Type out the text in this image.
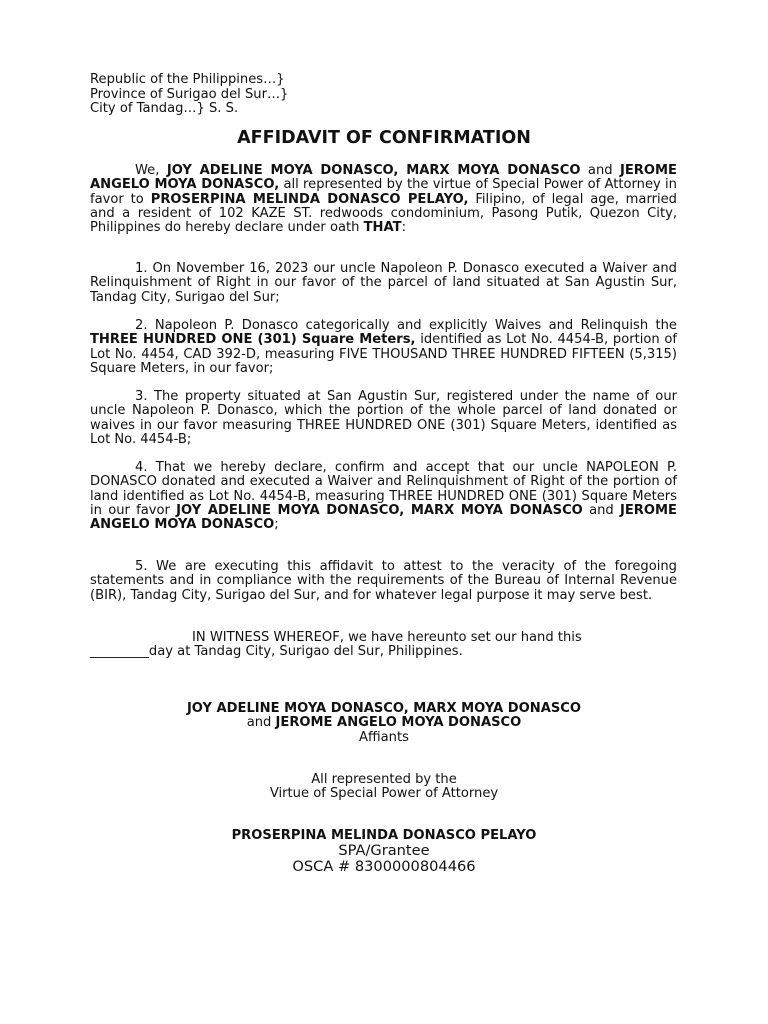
Republic of the Philippines…}
Province of Surigao del Sur…}
City of Tandag…} S. S.
AFFIDAVIT OF CONFIRMATION

We, JOY ADELINE MOYA DONASCO, MARX MOYA DONASCO and JEROME ANGELO MOYA DONASCO, all represented by the virtue of Special Power of Attorney in favor to PROSERPINA MELINDA DONASCO PELAYO, Filipino, of legal age, married and a resident of 102 KAZE ST. redwoods condominium, Pasong Putik, Quezon City, Philippines do hereby declare under oath THAT:

1. On November 16, 2023 our uncle Napoleon P. Donasco executed a Waiver and Relinquishment of Right in our favor of the parcel of land situated at San Agustin Sur, Tandag City, Surigao del Sur;

2. Napoleon P. Donasco categorically and explicitly Waives and Relinquish the THREE HUNDRED ONE (301) Square Meters, identified as Lot No. 4454-B, portion of Lot No. 4454, CAD 392-D, measuring FIVE THOUSAND THREE HUNDRED FIFTEEN (5,315) Square Meters, in our favor;

3. The property situated at San Agustin Sur, registered under the name of our uncle Napoleon P. Donasco, which the portion of the whole parcel of land donated or waives in our favor measuring THREE HUNDRED ONE (301) Square Meters, identified as Lot No. 4454-B;

4. That we hereby declare, confirm and accept that our uncle NAPOLEON P. DONASCO donated and executed a Waiver and Relinquishment of Right of the portion of land identified as Lot No. 4454-B, measuring THREE HUNDRED ONE (301) Square Meters in our favor JOY ADELINE MOYA DONASCO, MARX MOYA DONASCO and JEROME ANGELO MOYA DONASCO;

5. We are executing this affidavit to attest to the veracity of the foregoing statements and in compliance with the requirements of the Bureau of Internal Revenue (BIR), Tandag City, Surigao del Sur, and for whatever legal purpose it may serve best.

IN WITNESS WHEREOF, we have hereunto set our hand this
_________day at Tandag City, Surigao del Sur, Philippines.

JOY ADELINE MOYA DONASCO, MARX MOYA DONASCO
and JEROME ANGELO MOYA DONASCO
Affiants
All represented by the
Virtue of Special Power of Attorney
PROSERPINA MELINDA DONASCO PELAYO
SPA/Grantee
OSCA # 8300000804466
